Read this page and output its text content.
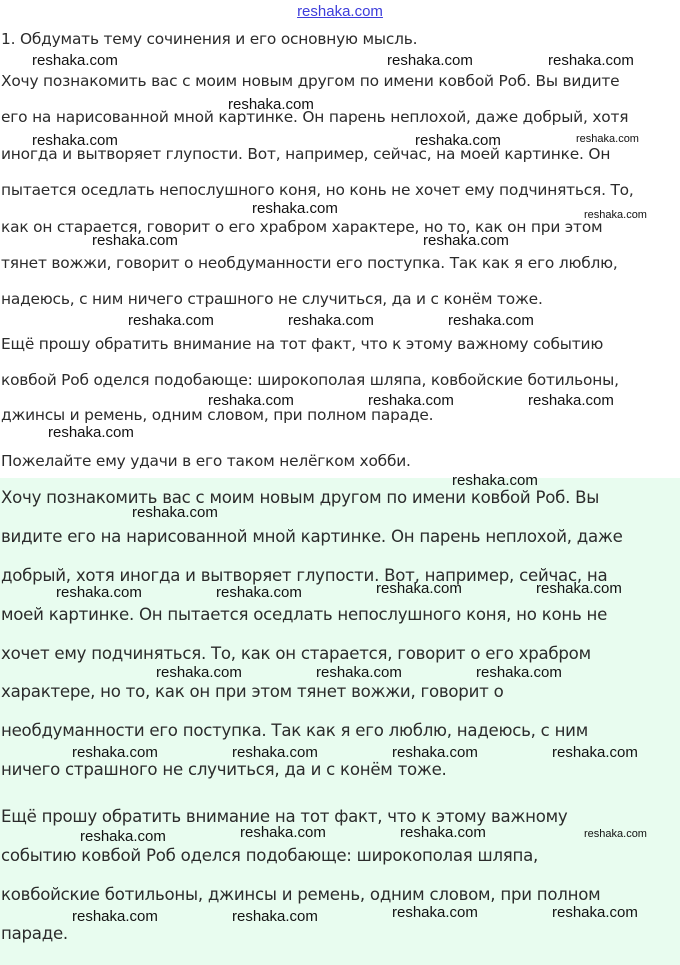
reshaka.com
1. Обдумать тему сочинения и его основную мысль.
Хочу познакомить вас с моим новым другом по имени ковбой Роб. Вы видите
его на нарисованной мной картинке. Он парень неплохой, даже добрый, хотя
иногда и вытворяет глупости. Вот, например, сейчас, на моей картинке. Он
пытается оседлать непослушного коня, но конь не хочет ему подчиняться. То,
как он старается, говорит о его храбром характере, но то, как он при этом
тянет вожжи, говорит о необдуманности его поступка. Так как я его люблю,
надеюсь, с ним ничего страшного не случиться, да и с конём тоже.
Ещё прошу обратить внимание на тот факт, что к этому важному событию
ковбой Роб оделся подобающе: широкополая шляпа, ковбойские ботильоны,
джинсы и ремень, одним словом, при полном параде.
Пожелайте ему удачи в его таком нелёгком хобби.
Хочу познакомить вас с моим новым другом по имени ковбой Роб. Вы
видите его на нарисованной мной картинке. Он парень неплохой, даже
добрый, хотя иногда и вытворяет глупости. Вот, например, сейчас, на
моей картинке. Он пытается оседлать непослушного коня, но конь не
хочет ему подчиняться. То, как он старается, говорит о его храбром
характере, но то, как он при этом тянет вожжи, говорит о
необдуманности его поступка. Так как я его люблю, надеюсь, с ним
ничего страшного не случиться, да и с конём тоже.
Ещё прошу обратить внимание на тот факт, что к этому важному
событию ковбой Роб оделся подобающе: широкополая шляпа,
ковбойские ботильоны, джинсы и ремень, одним словом, при полном
параде.
reshaka.com	reshaka.com	reshaka.com
reshaka.com
reshaka.com	reshaka.com	reshaka.com
reshaka.com	reshaka.com
reshaka.com	reshaka.com
reshaka.com	reshaka.com	reshaka.com
reshaka.com	reshaka.com	reshaka.com
reshaka.com
reshaka.com
reshaka.com
reshaka.com	reshaka.com	reshaka.com	reshaka.com
reshaka.com	reshaka.com	reshaka.com
reshaka.com	reshaka.com	reshaka.com	reshaka.com
reshaka.com	reshaka.com	reshaka.com	reshaka.com
reshaka.com	reshaka.com	reshaka.com	reshaka.com
